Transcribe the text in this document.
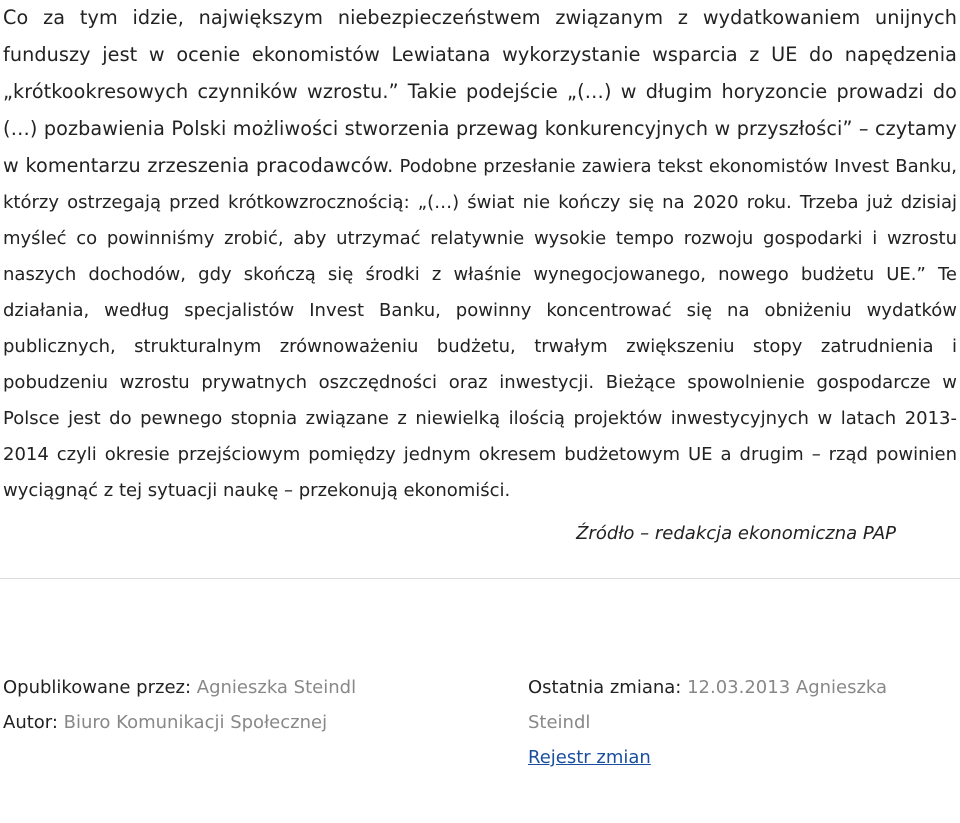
Co za tym idzie, największym niebezpieczeństwem związanym z wydatkowaniem unijnych funduszy jest w ocenie ekonomistów Lewiatana wykorzystanie wsparcia z UE do napędzenia „krótkookresowych czynników wzrostu.” Takie podejście „(…) w długim horyzoncie prowadzi do (…) pozbawienia Polski możliwości stworzenia przewag konkurencyjnych w przyszłości” – czytamy w komentarzu zrzeszenia pracodawców. Podobne przesłanie zawiera tekst ekonomistów Invest Banku, którzy ostrzegają przed krótkowzrocznością: „(…) świat nie kończy się na 2020 roku. Trzeba już dzisiaj myśleć co powinniśmy zrobić, aby utrzymać relatywnie wysokie tempo rozwoju gospodarki i wzrostu naszych dochodów, gdy skończą się środki z właśnie wynegocjowanego, nowego budżetu UE.” Te działania, według specjalistów Invest Banku, powinny koncentrować się na obniżeniu wydatków publicznych, strukturalnym zrównoważeniu budżetu, trwałym zwiększeniu stopy zatrudnienia i pobudzeniu wzrostu prywatnych oszczędności oraz inwestycji. Bieżące spowolnienie gospodarcze w Polsce jest do pewnego stopnia związane z niewielką ilością projektów inwestycyjnych w latach 2013-2014 czyli okresie przejściowym pomiędzy jednym okresem budżetowym UE a drugim – rząd powinien wyciągnąć z tej sytuacji naukę – przekonują ekonomiści.

Źródło – redakcja ekonomiczna PAP
Opublikowane przez: Agnieszka Steindl
Autor: Biuro Komunikacji Społecznej
Ostatnia zmiana: 12.03.2013 Agnieszka Steindl
Rejestr zmian
